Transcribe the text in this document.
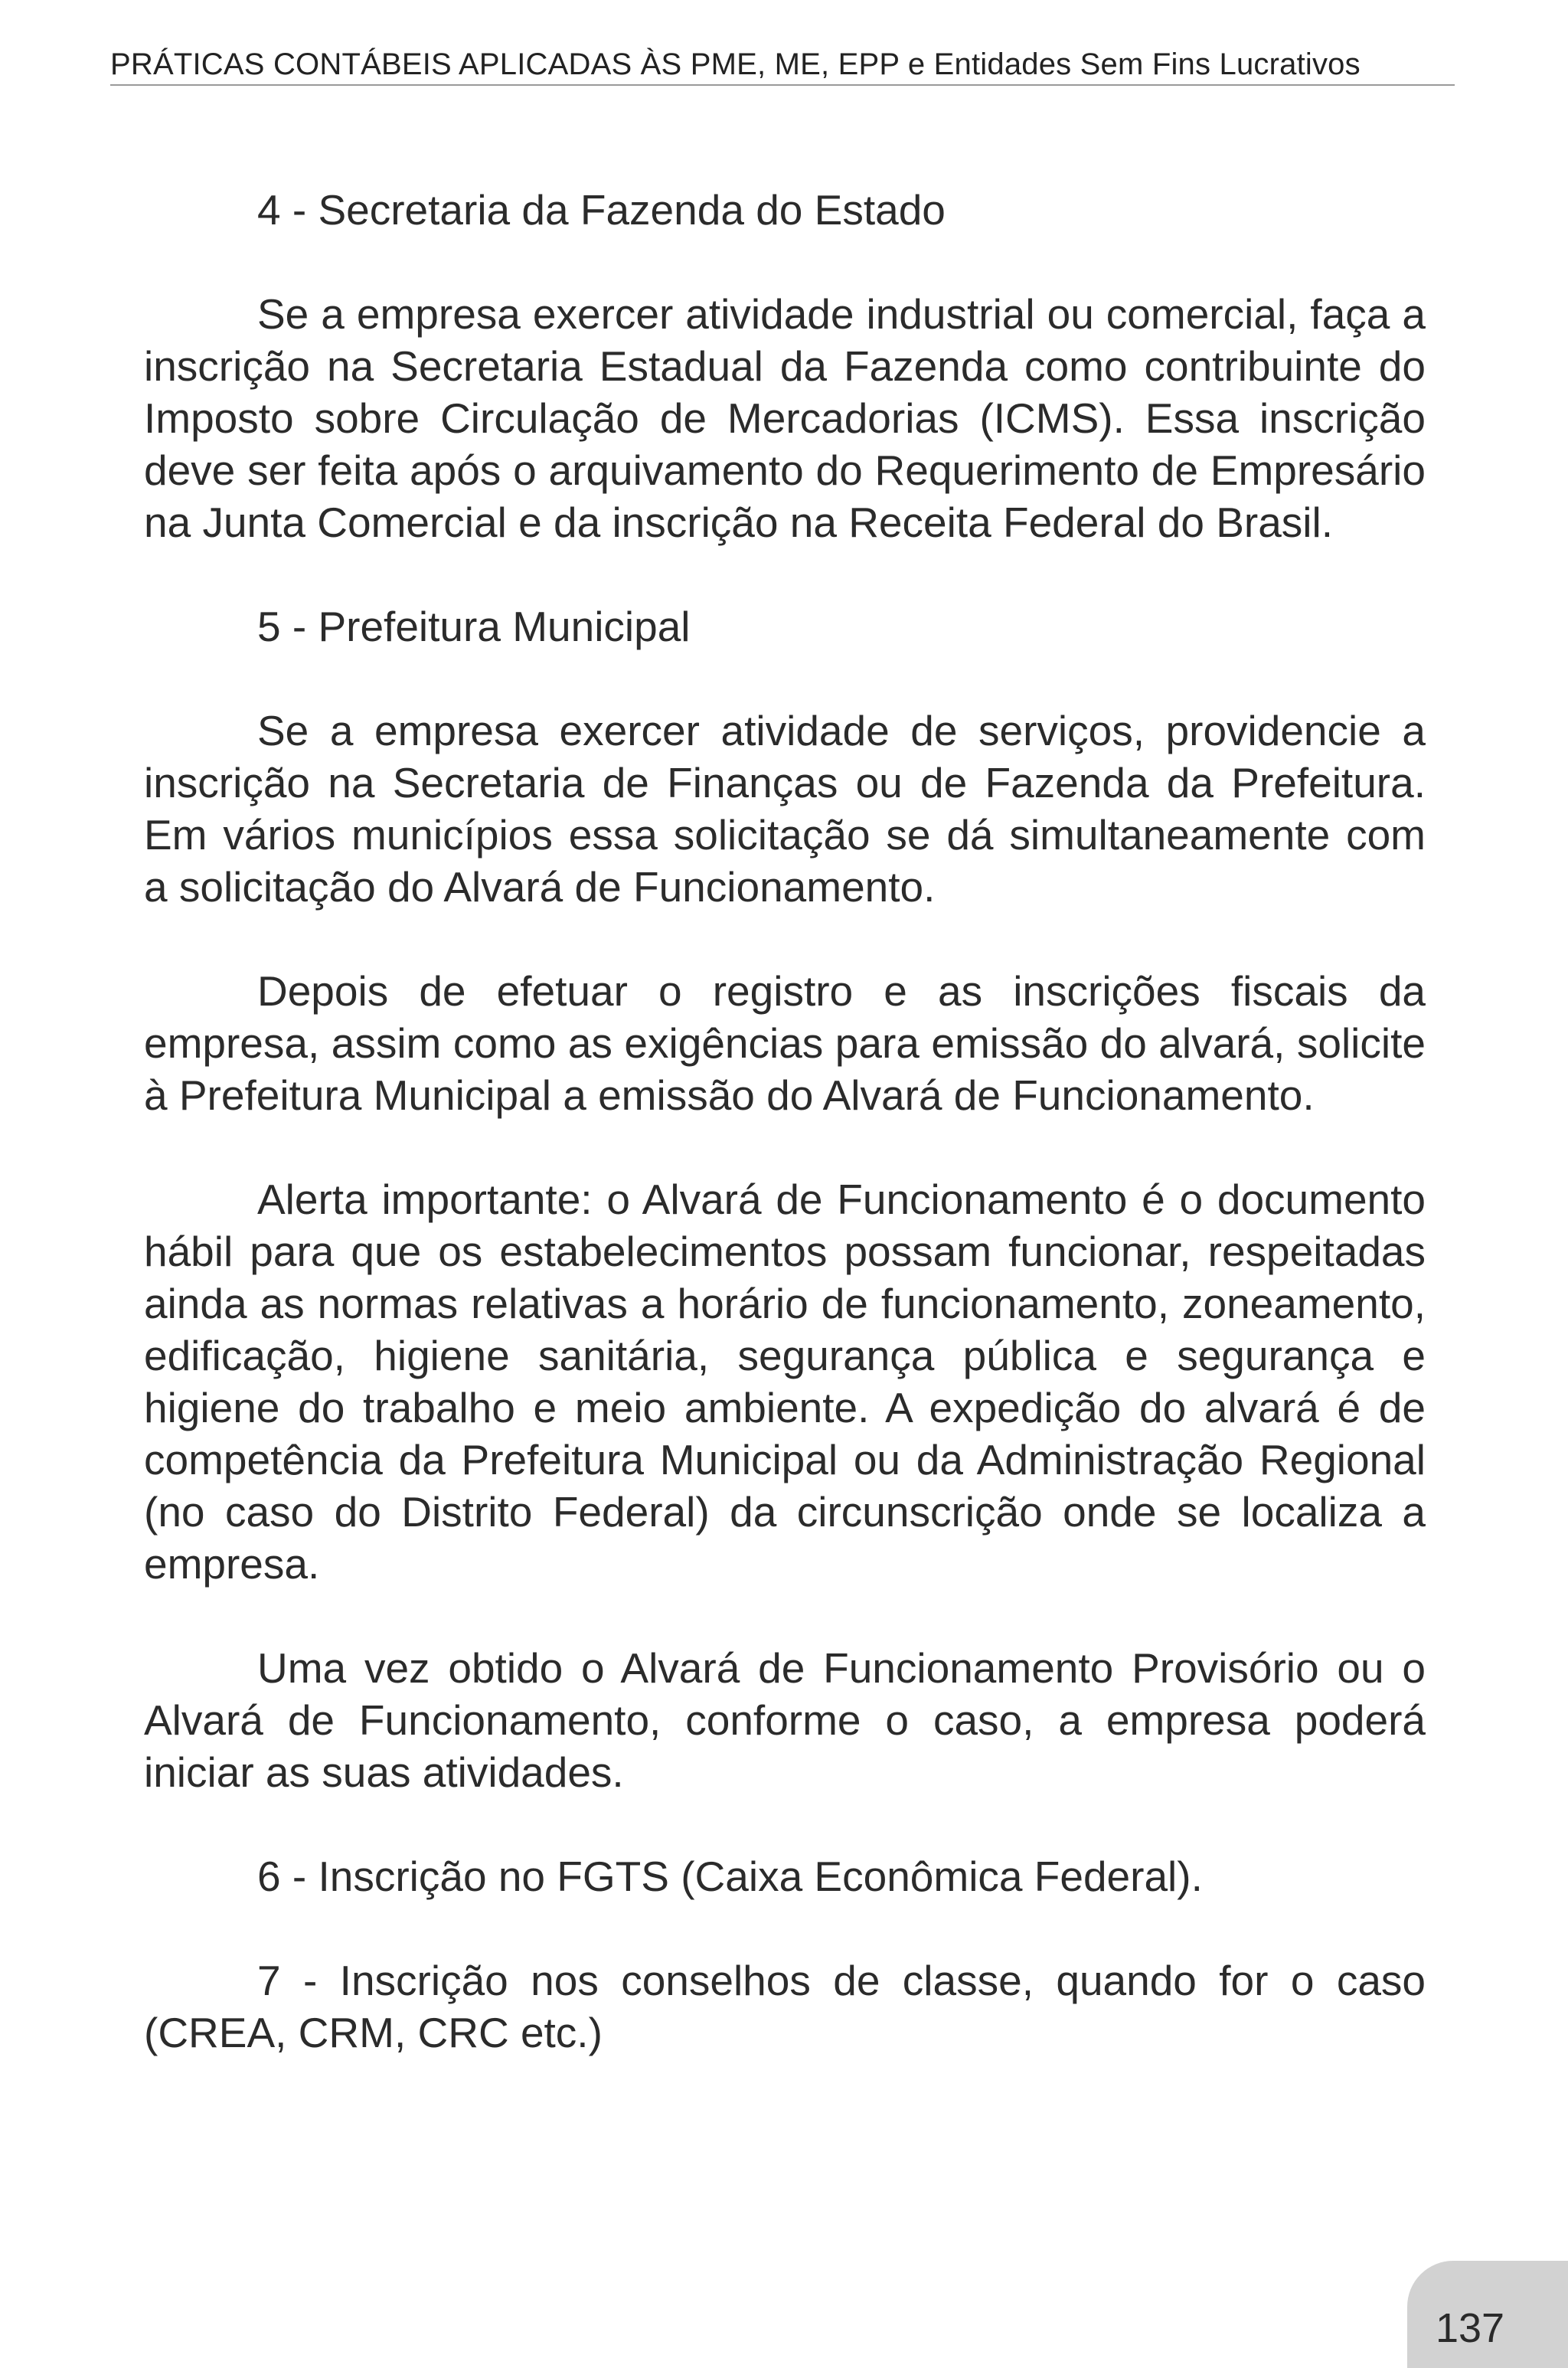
PRÁTICAS CONTÁBEIS APLICADAS ÀS PME, ME, EPP e Entidades Sem Fins Lucrativos

4 - Secretaria da Fazenda do Estado

Se a empresa exercer atividade industrial ou comercial, faça a inscrição na Secretaria Estadual da Fazenda como contribuinte do Imposto sobre Circulação de Mercadorias (ICMS). Essa inscrição deve ser feita após o arquivamento do Requerimento de Empresário na Junta Comercial e da inscrição na Receita Federal do Brasil.

5 - Prefeitura Municipal

Se a empresa exercer atividade de serviços, providencie a inscrição na Secretaria de Finanças ou de Fazenda da Prefeitura. Em vários municípios essa solicitação se dá simultaneamente com a solicitação do Alvará de Funcionamento.

Depois de efetuar o registro e as inscrições fiscais da empresa, assim como as exigências para emissão do alvará, solicite à Prefeitura Municipal a emissão do Alvará de Funcionamento.

Alerta importante: o Alvará de Funcionamento é o documento hábil para que os estabelecimentos possam funcionar, respeitadas ainda as normas relativas a horário de funcionamento, zoneamento, edificação, higiene sanitária, segurança pública e segurança e higiene do trabalho e meio ambiente. A expedição do alvará é de competência da Prefeitura Municipal ou da Administração Regional (no caso do Distrito Federal) da circunscrição onde se localiza a empresa.

Uma vez obtido o Alvará de Funcionamento Provisório ou o Alvará de Funcionamento, conforme o caso, a empresa poderá iniciar as suas atividades.

6 - Inscrição no FGTS (Caixa Econômica Federal).

7 - Inscrição nos conselhos de classe, quando for o caso (CREA, CRM, CRC etc.)

137
